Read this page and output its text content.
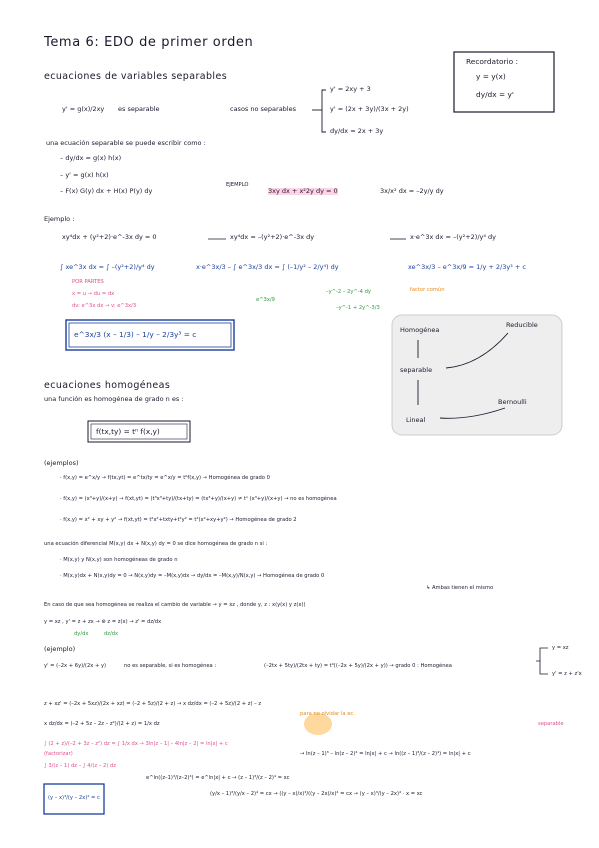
Tema 6: EDO de primer orden
Recordatorio :
y = y(x)
dy/dx = y'
ecuaciones de variables separables
y' = g(x)/2xy es separable	casos no separables
y' = 2xy + 3
y' = (2x + 3y)/(3x + 2y)
dy/dx = 2x + 3y
una ecuación separable se puede escribir como :
– dy/dx = g(x) h(x)
– y' = g(x) h(x)
– F(x) G(y) dx + H(x) P(y) dy
EJEMPLO
3xy dx + x²2y dy = 0	3x/x² dx = –2y/y dy
Ejemplo :
xy⁴dx + (y²+2)·e^-3x dy = 0	xy⁴dx = –(y²+2)·e^-3x dy	x·e^3x dx = –(y²+2)/y⁴ dy
∫ xe^3x dx = ∫ –(y²+2)/y⁴ dy	x·e^3x/3 – ∫ e^3x/3 dx = ∫ (–1/y² – 2/y⁴) dy	xe^3x/3 – e^3x/9 = 1/y + 2/3y³ + c
POR PARTES
x = u → du = dx
dv: e^3x dx → v: e^3x/3
e^3x/9
–y^-2 – 2y^-4 dy
–y^-1 + 2y^-3/3
factor común
e^3x/3 (x – 1/3) – 1/y – 2/3y³ = c	Homogénea
Reducible
separable
Bernoulli
Lineal
ecuaciones homogéneas
una función es homogénea de grado n es :
f(tx,ty) = tⁿ f(x,y)
(ejemplos)
· f(x,y) = e^x/y → f(tx,yt) = e^tx/ty = e^x/y = t⁰f(x,y) → Homogénea de grado 0
· f(x,y) = (x³+y)/(x+y) → f(xt,yt) = (t³x³+ty)/(tx+ty) = (tx³+y)/(x+y) ≠ tⁿ (x³+y)/(x+y) → no es homogénea
· f(x,y) = x² + xy + y² → f(xt,yt) = t²x²+txty+t²y² = t²(x²+xy+y²) → Homogénea de grado 2
una ecuación diferencial M(x,y) dx + N(x,y) dy = 0 se dice homogénea de grado n si :
· M(x,y) y N(x,y) son homogéneas de grado n
· M(x,y)dx + N(x,y)dy = 0 → N(x,y)dy = –M(x,y)dx → dy/dx = –M(x,y)/N(x,y) → Homogénea de grado 0
↳ Ambas tienen el mismo
En caso de que sea homogénea se realiza el cambio de variable → y = xz , donde y, z : x(y(x) y z(x))
y = xz , y' = z + zx → ⊛ z = z(x) → z' = dz/dx
dy/dx	dz/dx
(ejemplo)
y' = (–2x + 6y)/(2x + y)	no es separable, si es homogénea :	(–2tx + 5ty)/(2tx + ty) = t⁰((–2x + 5y)/(2x + y)) → grado 0 : Homogénea
y = xz
y' = z + z'x
z + xz' = (–2x + 5xz)/(2x + xz) = (–2 + 5z)/(2 + z) → x dz/dx = (–2 + 5z)/(2 + z) – z
para no olvidar la ec.
x dz/dx = (–2 + 5z – 2z – z²)/(2 + z) = 1/x dz	separable
∫ (2 + z)/(–2 + 3z – z²) dz = ∫ 1/x dx → 3ln|z – 1| – 4ln|z – 2| = ln|x| + c
(factorizar)	→ ln(z – 1)³ – ln(z – 2)⁴ = ln|x| + c → ln((z – 1)³/(z – 2)⁴) = ln|x| + c
∫ 3/(z – 1) dz – ∫ 4/(z – 2) dz
e^ln((z–1)³/(z–2)⁴) = e^ln|x| + c → (z – 1)³/(z – 2)⁴ = xc
(y/x – 1)³/(y/x – 2)⁴ = cx → ((y – x)/x)³/((y – 2x)/x)⁴ = cx → (y – x)³/(y – 2x)⁴ · x = xc
(y – x)³/(y – 2x)⁴ = c
